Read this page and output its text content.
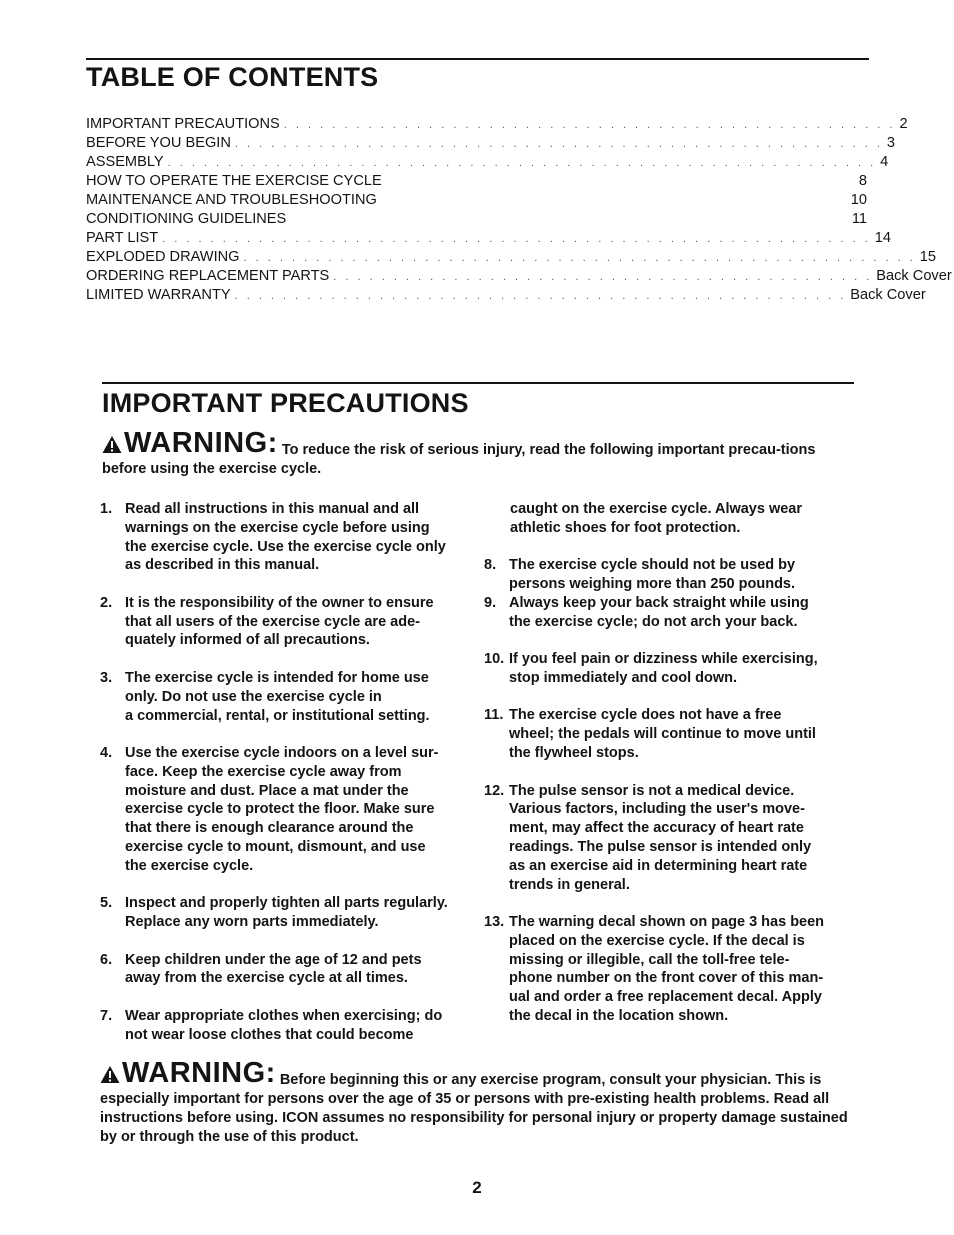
TABLE OF CONTENTS
IMPORTANT PRECAUTIONS . . . . . . . . . . . . . . . . . . . . . . . . . . . . . . . . . . . . . . . . . . . . . . . . . . . 2
BEFORE YOU BEGIN . . . . . . . . . . . . . . . . . . . . . . . . . . . . . . . . . . . . . . . . . . . . . . . . . . . . . . 3
ASSEMBLY . . . . . . . . . . . . . . . . . . . . . . . . . . . . . . . . . . . . . . . . . . . . . . . . . . . . . . . . . . . 4
HOW TO OPERATE THE EXERCISE CYCLE	8
MAINTENANCE AND TROUBLESHOOTING	10
CONDITIONING GUIDELINES	11
PART LIST . . . . . . . . . . . . . . . . . . . . . . . . . . . . . . . . . . . . . . . . . . . . . . . . . . . . . . . . . . . 14
EXPLODED DRAWING . . . . . . . . . . . . . . . . . . . . . . . . . . . . . . . . . . . . . . . . . . . . . . . . . . . . . . . . 15
ORDERING REPLACEMENT PARTS . . . . . . . . . . . . . . . . . . . . . . . . . . . . . . . . . . . . . . . . . . . . . Back Cover
LIMITED WARRANTY . . . . . . . . . . . . . . . . . . . . . . . . . . . . . . . . . . . . . . . . . . . . . . . . . . . Back Cover
IMPORTANT PRECAUTIONS
WARNING: To reduce the risk of serious injury, read the following important precau-tions before using the exercise cycle.
1. Read all instructions in this manual and all
warnings on the exercise cycle before using
the exercise cycle. Use the exercise cycle only
as described in this manual.
2. It is the responsibility of the owner to ensure
that all users of the exercise cycle are ade-
quately informed of all precautions.
3. The exercise cycle is intended for home use
only. Do not use the exercise cycle in
a commercial, rental, or institutional setting.
4. Use the exercise cycle indoors on a level sur-
face. Keep the exercise cycle away from
moisture and dust. Place a mat under the
exercise cycle to protect the floor. Make sure
that there is enough clearance around the
exercise cycle to mount, dismount, and use
the exercise cycle.
5. Inspect and properly tighten all parts regularly.
Replace any worn parts immediately.
6. Keep children under the age of 12 and pets
away from the exercise cycle at all times.
7. Wear appropriate clothes when exercising; do
not wear loose clothes that could become
caught on the exercise cycle. Always wear
athletic shoes for foot protection.
8. The exercise cycle should not be used by
persons weighing more than 250 pounds.
9. Always keep your back straight while using
the exercise cycle; do not arch your back.
10. If you feel pain or dizziness while exercising,
stop immediately and cool down.
11. The exercise cycle does not have a free
wheel; the pedals will continue to move until
the flywheel stops.
12. The pulse sensor is not a medical device.
Various factors, including the user's move-
ment, may affect the accuracy of heart rate
readings. The pulse sensor is intended only
as an exercise aid in determining heart rate
trends in general.
13. The warning decal shown on page 3 has been
placed on the exercise cycle. If the decal is
missing or illegible, call the toll-free tele-
phone number on the front cover of this man-
ual and order a free replacement decal. Apply
the decal in the location shown.
WARNING: Before beginning this or any exercise program, consult your physician. This is especially important for persons over the age of 35 or persons with pre-existing health problems. Read all instructions before using. ICON assumes no responsibility for personal injury or property damage sustained by or through the use of this product.
2
